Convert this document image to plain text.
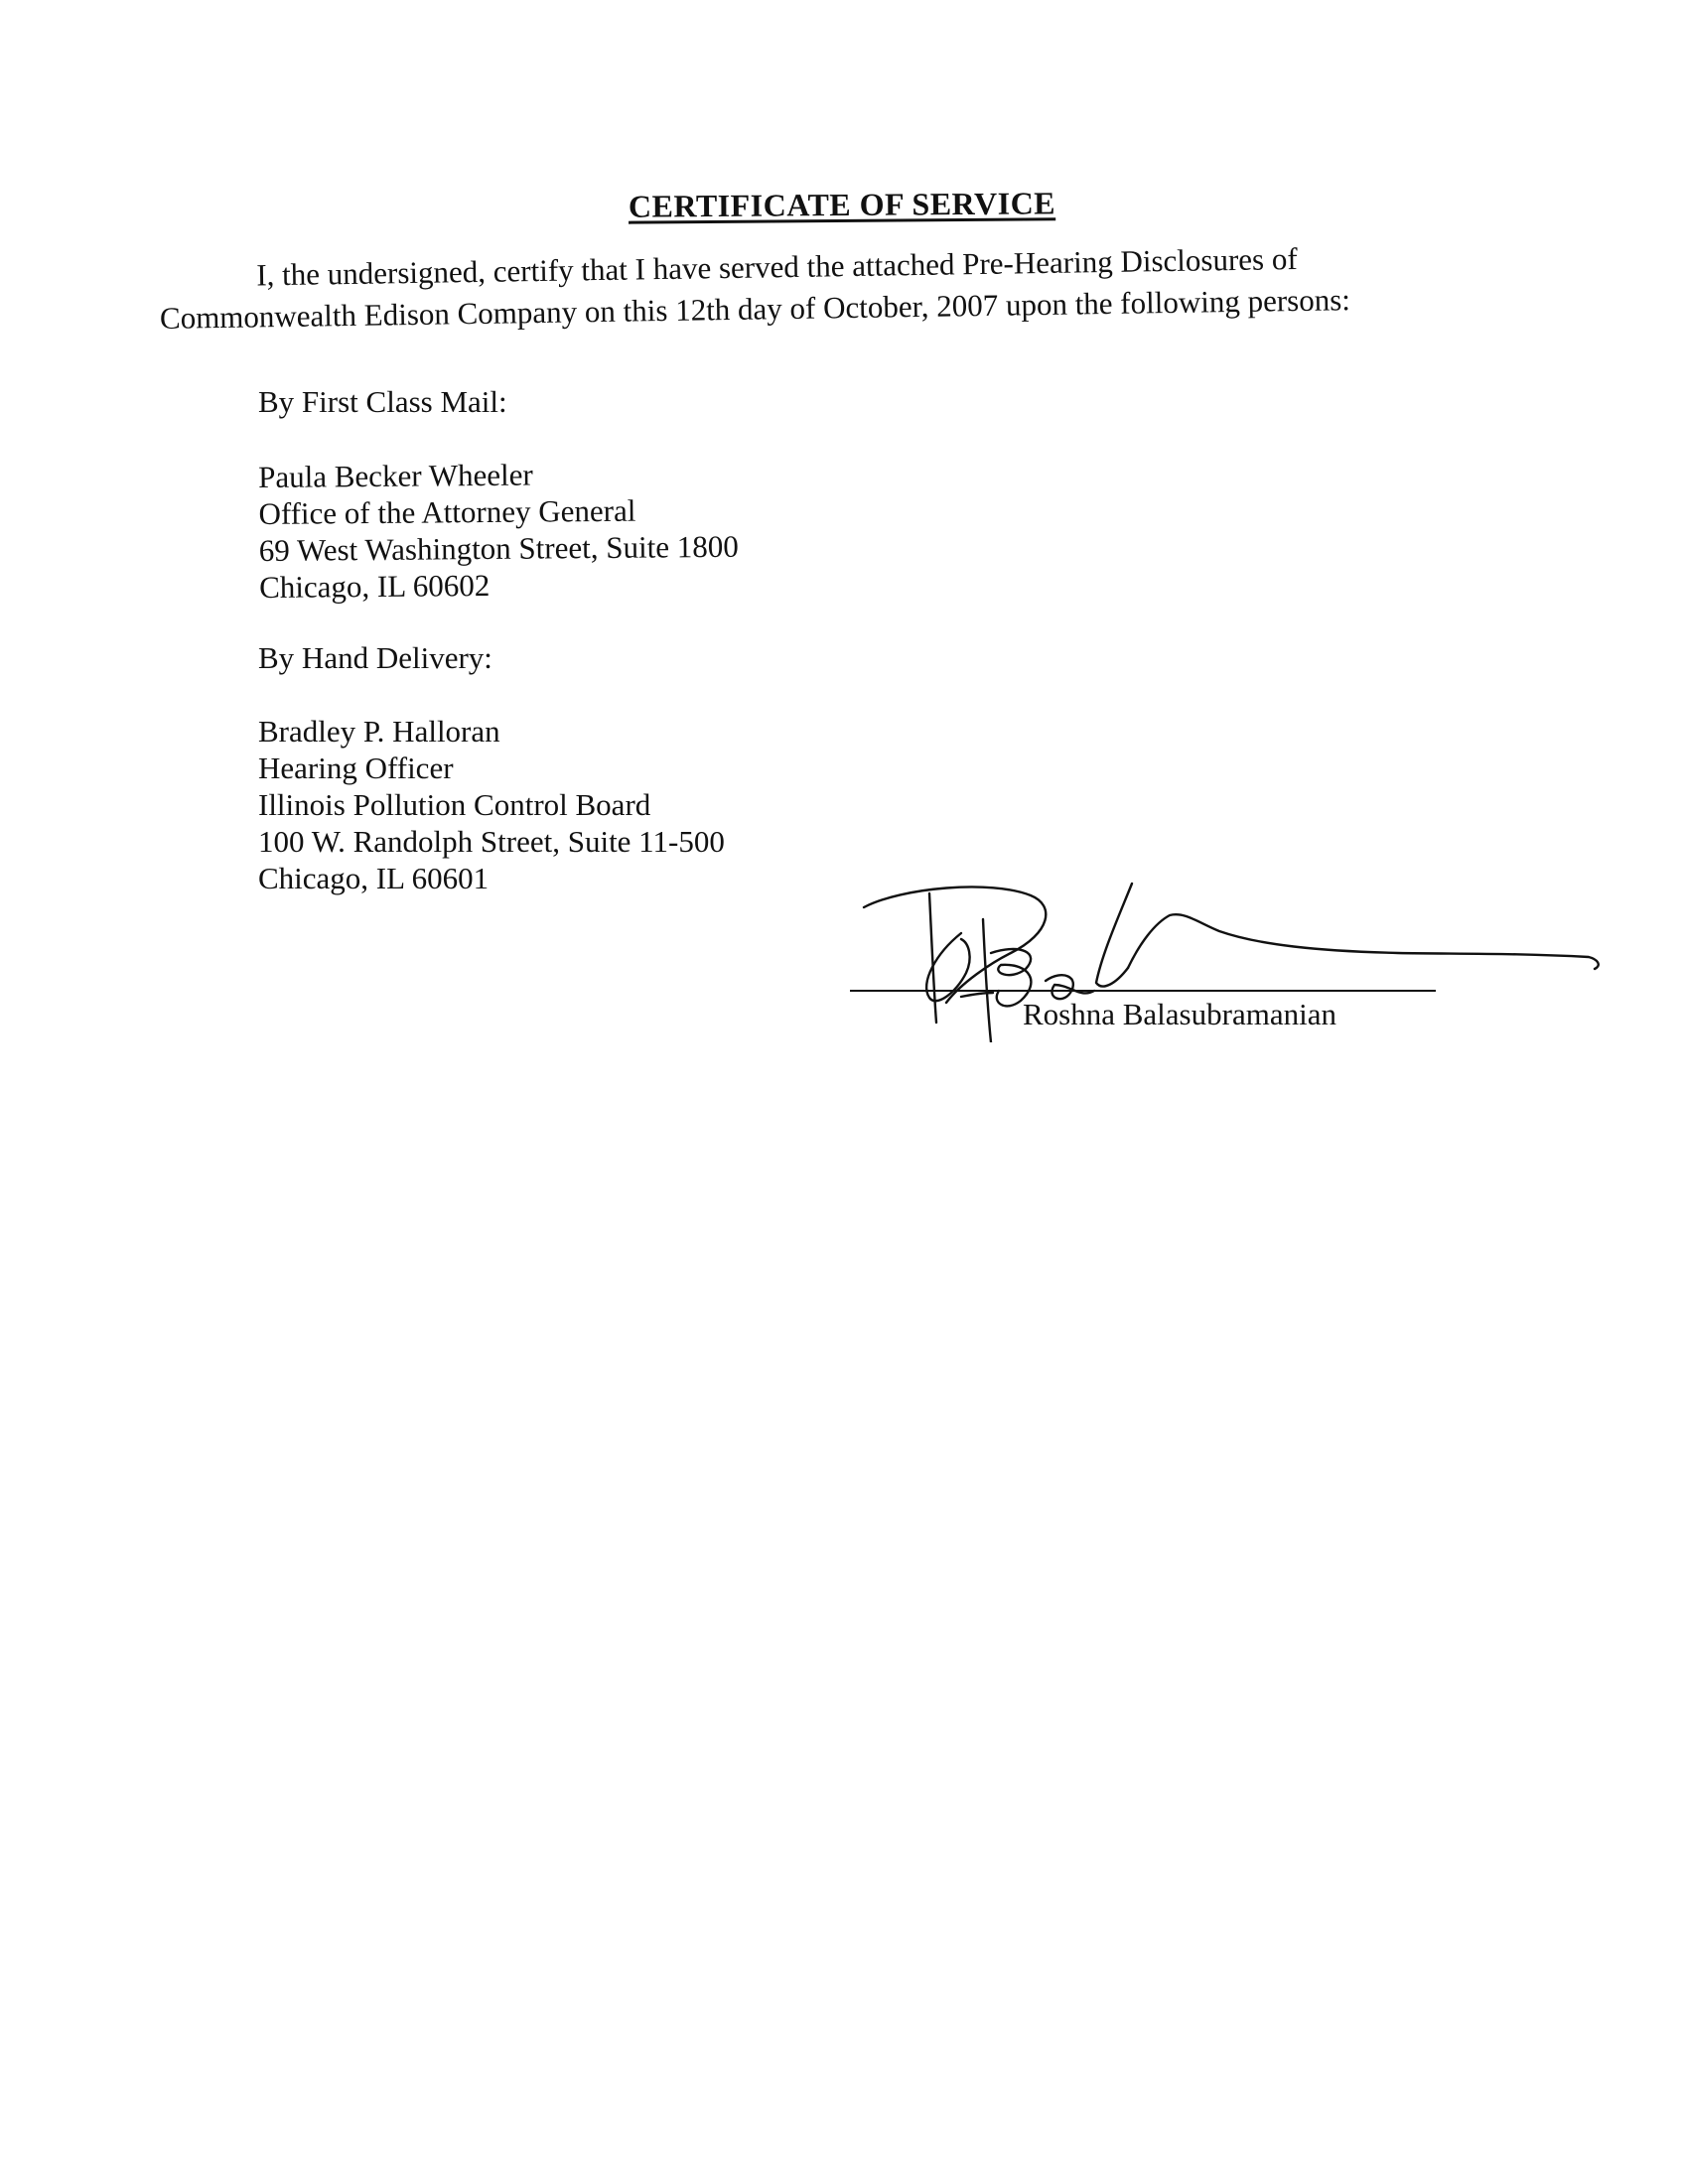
CERTIFICATE OF SERVICE
I, the undersigned, certify that I have served the attached Pre-Hearing Disclosures of
Commonwealth Edison Company on this 12th day of October, 2007 upon the following persons:
By First Class Mail:
Paula Becker Wheeler
Office of the Attorney General
69 West Washington Street, Suite 1800
Chicago, IL 60602
By Hand Delivery:
Bradley P. Halloran
Hearing Officer
Illinois Pollution Control Board
100 W. Randolph Street, Suite 11-500
Chicago, IL 60601
Roshna Balasubramanian
